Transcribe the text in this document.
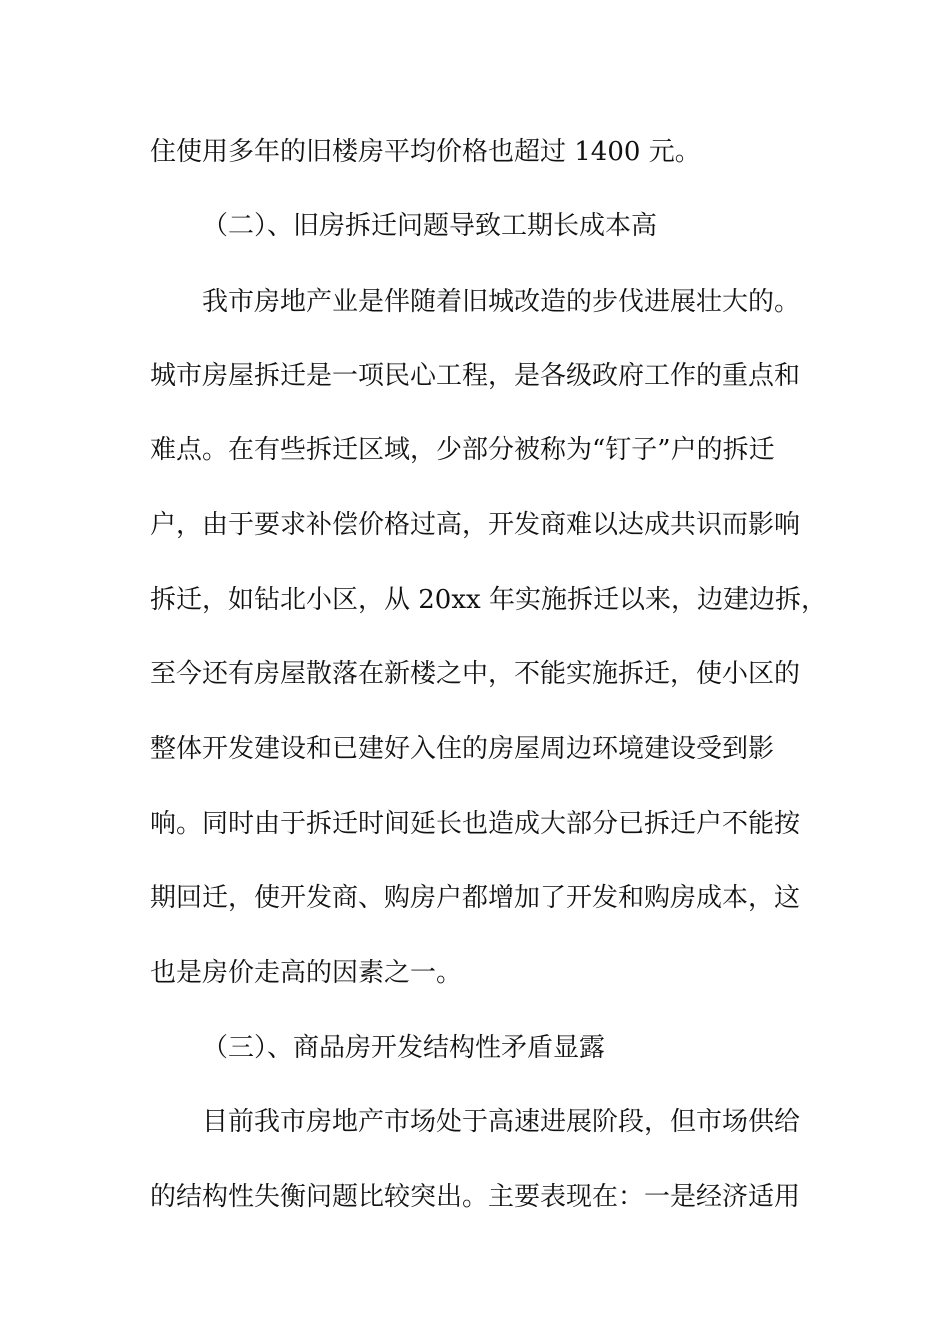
住使用多年的旧楼房平均价格也超过 1400 元。
（二）、旧房拆迁问题导致工期长成本高
我市房地产业是伴随着旧城改造的步伐进展壮大的。
城市房屋拆迁是一项民心工程，是各级政府工作的重点和
难点。在有些拆迁区域，少部分被称为“钉子”户的拆迁
户，由于要求补偿价格过高，开发商难以达成共识而影响
拆迁，如钻北小区，从 20xx 年实施拆迁以来，边建边拆，
至今还有房屋散落在新楼之中，不能实施拆迁，使小区的
整体开发建设和已建好入住的房屋周边环境建设受到影
响。同时由于拆迁时间延长也造成大部分已拆迁户不能按
期回迁，使开发商、购房户都增加了开发和购房成本，这
也是房价走高的因素之一。
（三）、商品房开发结构性矛盾显露
目前我市房地产市场处于高速进展阶段，但市场供给
的结构性失衡问题比较突出。主要表现在：一是经济适用
